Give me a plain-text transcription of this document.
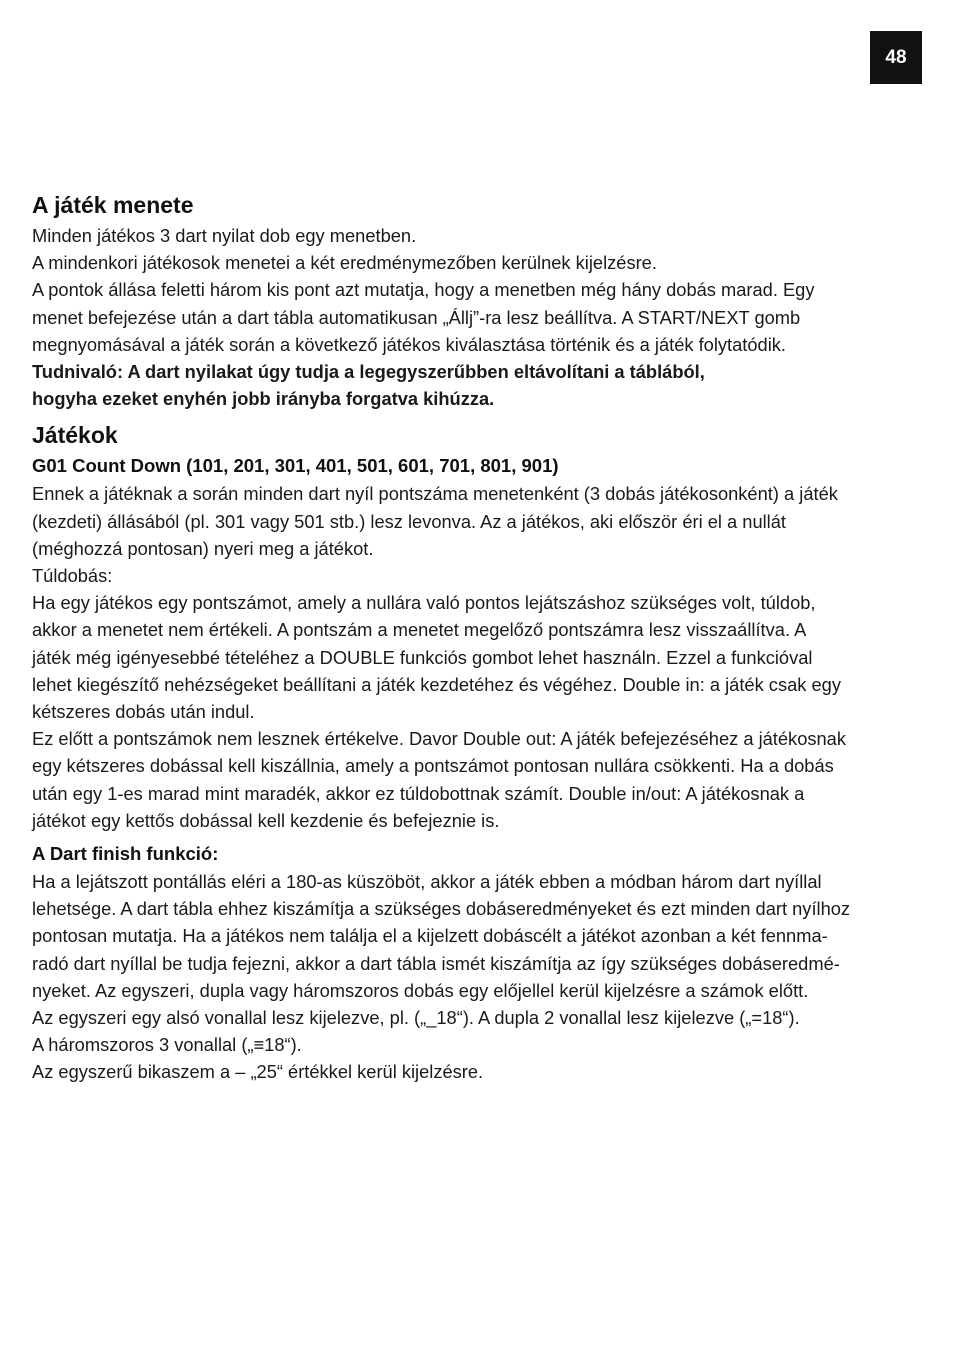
48
A játék menete

Minden játékos 3 dart nyilat dob egy menetben.

A mindenkori játékosok menetei a két eredménymezőben kerülnek kijelzésre.

A pontok állása feletti három kis pont azt mutatja, hogy a menetben még hány dobás marad. Egy

menet befejezése után a dart tábla automatikusan „Állj”-ra lesz beállítva. A START/NEXT gomb

megnyomásával a játék során a következő játékos kiválasztása történik és a játék folytatódik.

Tudnivaló: A dart nyilakat úgy tudja a legegyszerűbben eltávolítani a táblából,

hogyha ezeket enyhén jobb irányba forgatva kihúzza.

Játékok
G01 Count Down (101, 201, 301, 401, 501, 601, 701, 801, 901)

Ennek a játéknak a során minden dart nyíl pontszáma menetenként (3 dobás játékosonként) a játék

(kezdeti) állásából (pl. 301 vagy 501 stb.) lesz levonva. Az a játékos, aki először éri el a nullát

(méghozzá pontosan) nyeri meg a játékot.

Túldobás:

Ha egy játékos egy pontszámot, amely a nullára való pontos lejátszáshoz szükséges volt, túldob,

akkor a menetet nem értékeli. A pontszám a menetet megelőző pontszámra lesz visszaállítva. A

játék még igényesebbé tételéhez a DOUBLE funkciós gombot lehet használn. Ezzel a funkcióval

lehet kiegészítő nehézségeket beállítani a játék kezdetéhez és végéhez. Double in: a játék csak egy

kétszeres dobás után indul.

Ez előtt a pontszámok nem lesznek értékelve. Davor Double out: A játék befejezéséhez a játékosnak

egy kétszeres dobással kell kiszállnia, amely a pontszámot pontosan nullára csökkenti. Ha a dobás

után egy 1-es marad mint maradék, akkor ez túldobottnak számít. Double in/out: A játékosnak a

játékot egy kettős dobással kell kezdenie és befejeznie is.

A Dart finish funkció:

Ha a lejátszott pontállás eléri a 180-as küszöböt, akkor a játék ebben a módban három dart nyíllal

lehetsége. A dart tábla ehhez kiszámítja a szükséges dobáseredményeket és ezt minden dart nyílhoz

pontosan mutatja. Ha a játékos nem találja el a kijelzett dobáscélt a játékot azonban a két fennma-

radó dart nyíllal be tudja fejezni, akkor a dart tábla ismét kiszámítja az így szükséges dobáseredmé-

nyeket. Az egyszeri, dupla vagy háromszoros dobás egy előjellel kerül kijelzésre a számok előtt.

Az egyszeri egy alsó vonallal lesz kijelezve, pl. („_18“). A dupla 2 vonallal lesz kijelezve („=18“).

A háromszoros 3 vonallal („≡18“).

Az egyszerű bikaszem a – „25“ értékkel kerül kijelzésre.
